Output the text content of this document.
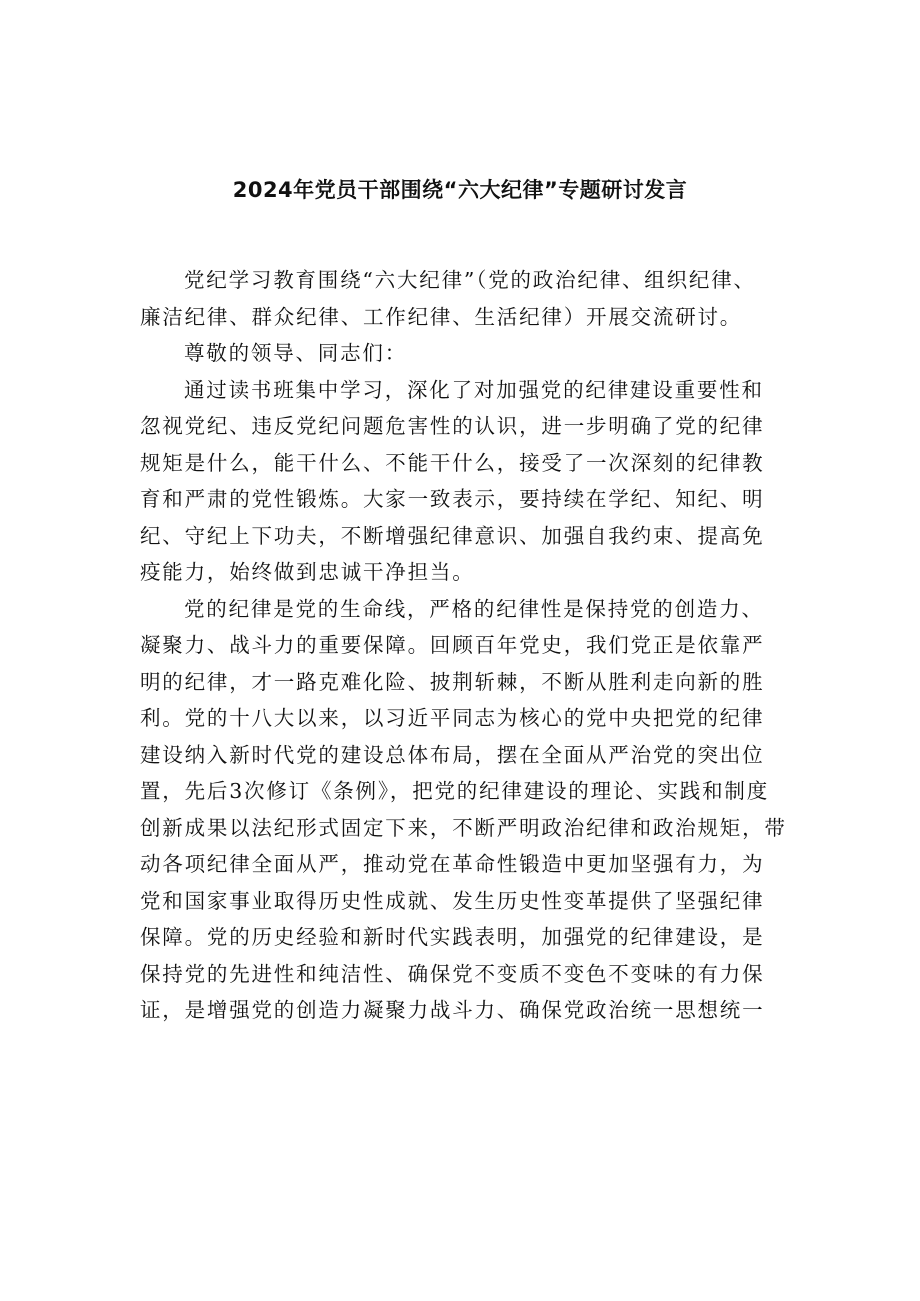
2024年党员干部围绕“六大纪律”专题研讨发言

党纪学习教育围绕“六大纪律”（党的政治纪律、组织纪律、
廉洁纪律、群众纪律、工作纪律、生活纪律）开展交流研讨。

尊敬的领导、同志们：

通过读书班集中学习，深化了对加强党的纪律建设重要性和
忽视党纪、违反党纪问题危害性的认识，进一步明确了党的纪律
规矩是什么，能干什么、不能干什么，接受了一次深刻的纪律教
育和严肃的党性锻炼。大家一致表示，要持续在学纪、知纪、明
纪、守纪上下功夫，不断增强纪律意识、加强自我约束、提高免
疫能力，始终做到忠诚干净担当。

党的纪律是党的生命线，严格的纪律性是保持党的创造力、
凝聚力、战斗力的重要保障。回顾百年党史，我们党正是依靠严
明的纪律，才一路克难化险、披荆斩棘，不断从胜利走向新的胜
利。党的十八大以来，以习近平同志为核心的党中央把党的纪律
建设纳入新时代党的建设总体布局，摆在全面从严治党的突出位
置，先后3次修订《条例》，把党的纪律建设的理论、实践和制度
创新成果以法纪形式固定下来，不断严明政治纪律和政治规矩，带
动各项纪律全面从严，推动党在革命性锻造中更加坚强有力，为
党和国家事业取得历史性成就、发生历史性变革提供了坚强纪律
保障。党的历史经验和新时代实践表明，加强党的纪律建设，是
保持党的先进性和纯洁性、确保党不变质不变色不变味的有力保
证，是增强党的创造力凝聚力战斗力、确保党政治统一思想统一
